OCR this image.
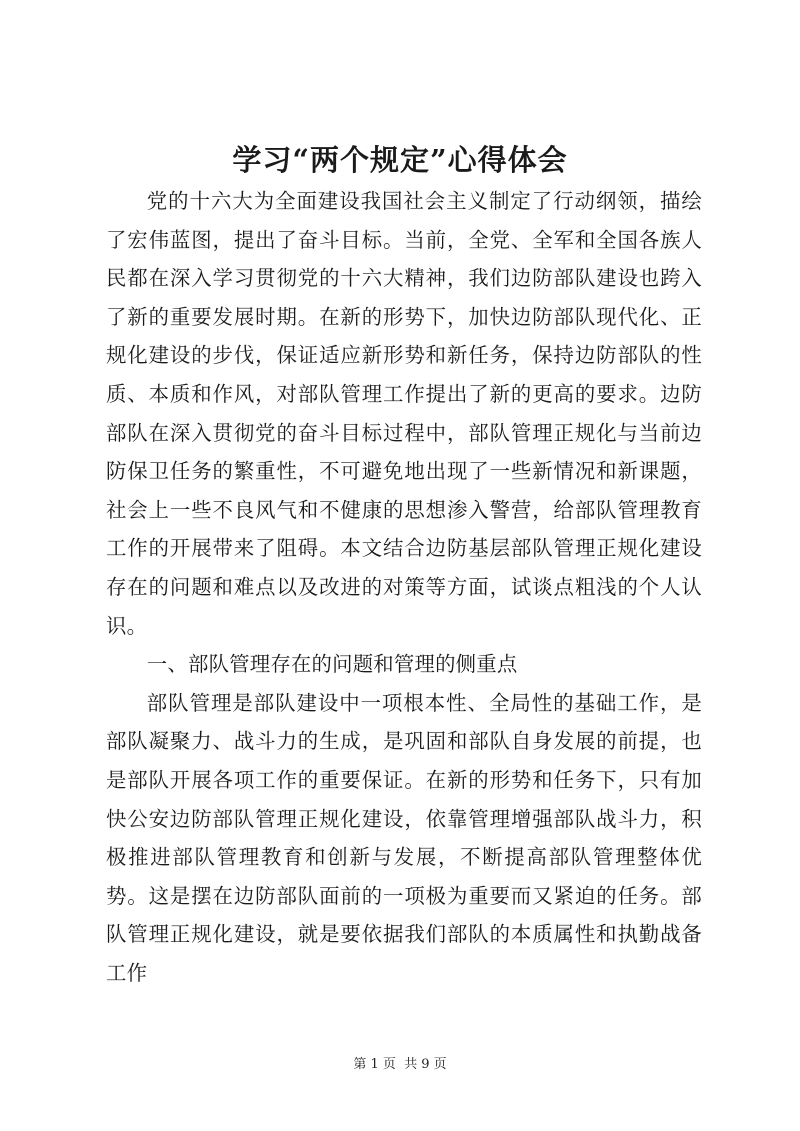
学习“两个规定”心得体会

党的十六大为全面建设我国社会主义制定了行动纲领，描绘了宏伟蓝图，提出了奋斗目标。当前，全党、全军和全国各族人民都在深入学习贯彻党的十六大精神，我们边防部队建设也跨入了新的重要发展时期。在新的形势下，加快边防部队现代化、正规化建设的步伐，保证适应新形势和新任务，保持边防部队的性质、本质和作风，对部队管理工作提出了新的更高的要求。边防部队在深入贯彻党的奋斗目标过程中，部队管理正规化与当前边防保卫任务的繁重性，不可避免地出现了一些新情况和新课题，社会上一些不良风气和不健康的思想渗入警营，给部队管理教育工作的开展带来了阻碍。本文结合边防基层部队管理正规化建设存在的问题和难点以及改进的对策等方面，试谈点粗浅的个人认识。

一、部队管理存在的问题和管理的侧重点

部队管理是部队建设中一项根本性、全局性的基础工作，是部队凝聚力、战斗力的生成，是巩固和部队自身发展的前提，也是部队开展各项工作的重要保证。在新的形势和任务下，只有加快公安边防部队管理正规化建设，依靠管理增强部队战斗力，积极推进部队管理教育和创新与发展，不断提高部队管理整体优势。这是摆在边防部队面前的一项极为重要而又紧迫的任务。部队管理正规化建设，就是要依据我们部队的本质属性和执勤战备工作

第 1 页 共 9 页
